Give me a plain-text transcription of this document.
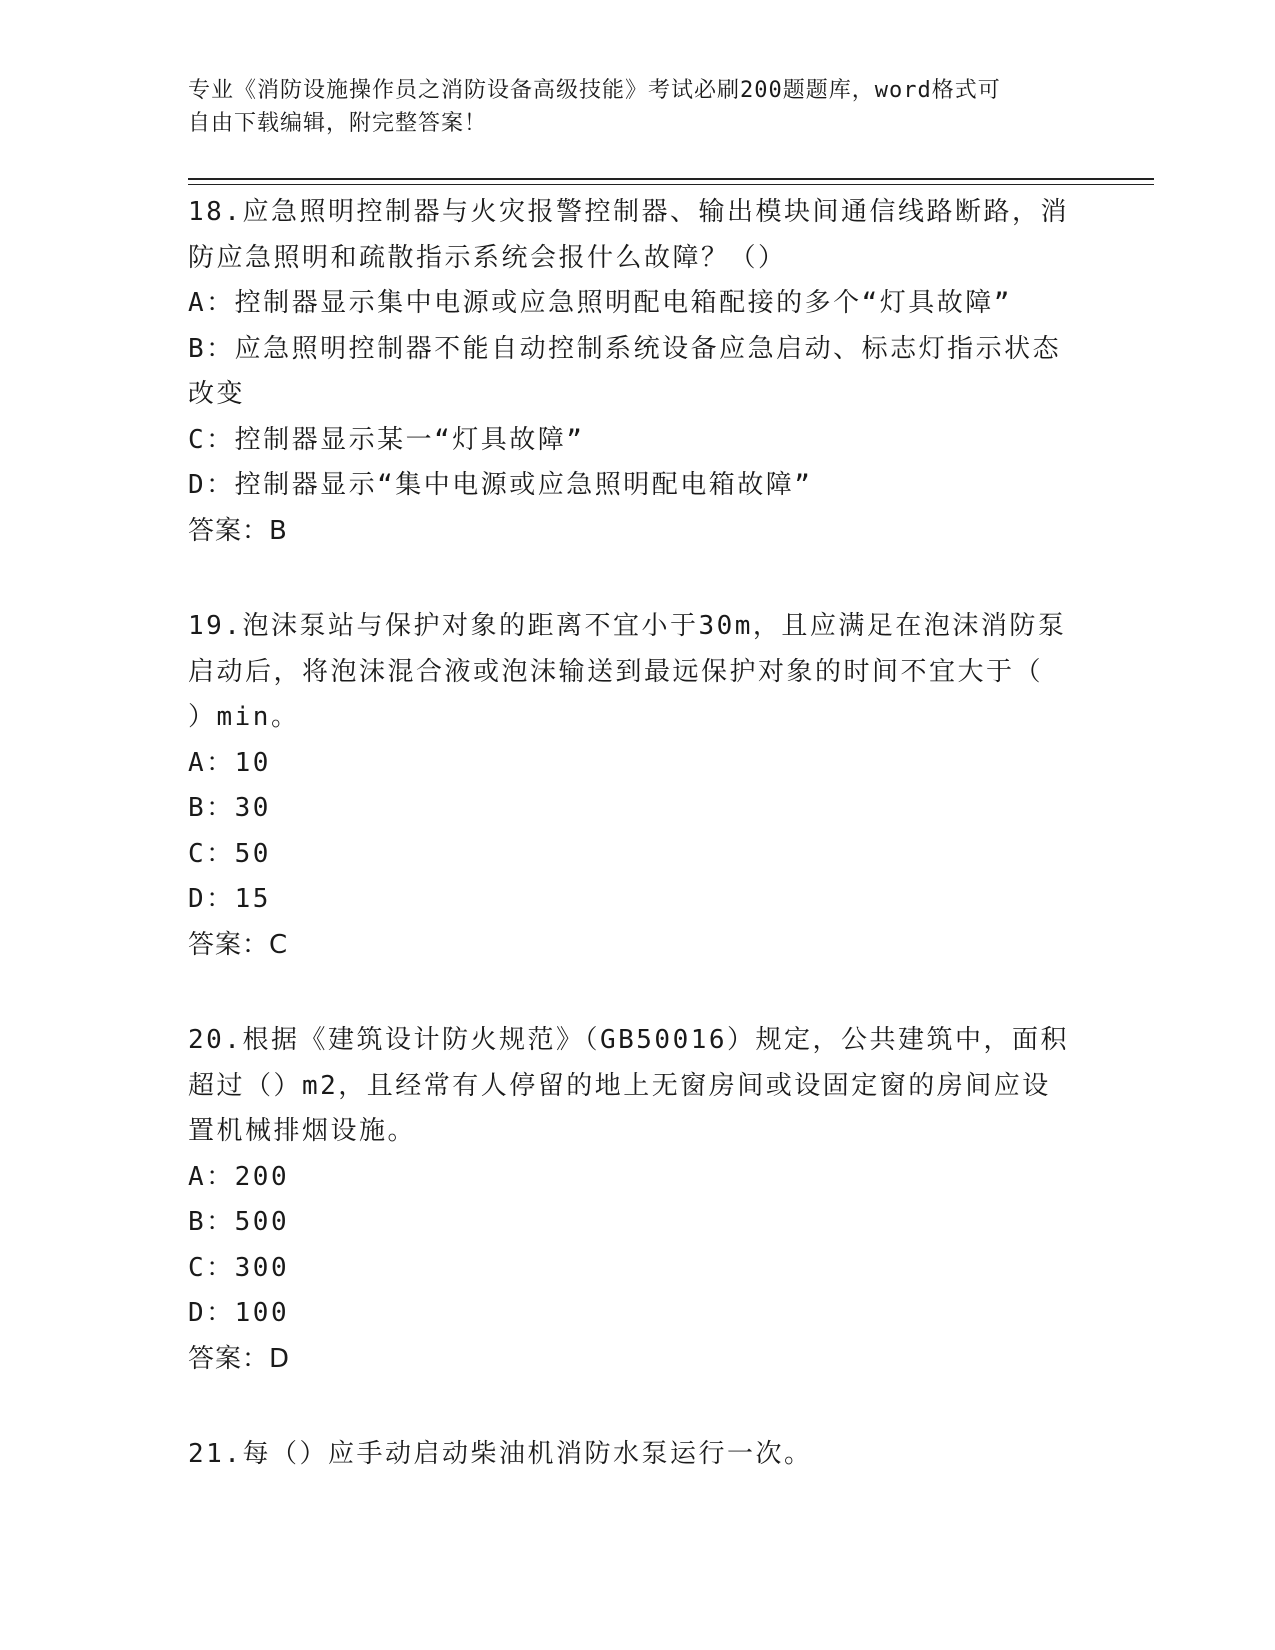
专业《消防设施操作员之消防设备高级技能》考试必刷200题题库，word格式可
自由下载编辑，附完整答案！
18.应急照明控制器与火灾报警控制器、输出模块间通信线路断路，消
防应急照明和疏散指示系统会报什么故障？（）
A：控制器显示集中电源或应急照明配电箱配接的多个“灯具故障”
B：应急照明控制器不能自动控制系统设备应急启动、标志灯指示状态
改变
C：控制器显示某一“灯具故障”
D：控制器显示“集中电源或应急照明配电箱故障”
答案：B
19.泡沫泵站与保护对象的距离不宜小于30m，且应满足在泡沫消防泵
启动后，将泡沫混合液或泡沫输送到最远保护对象的时间不宜大于（
）min。
A：10
B：30
C：50
D：15
答案：C
20.根据《建筑设计防火规范》（GB50016）规定，公共建筑中，面积
超过（）m2，且经常有人停留的地上无窗房间或设固定窗的房间应设
置机械排烟设施。
A：200
B：500
C：300
D：100
答案：D
21.每（）应手动启动柴油机消防水泵运行一次。
